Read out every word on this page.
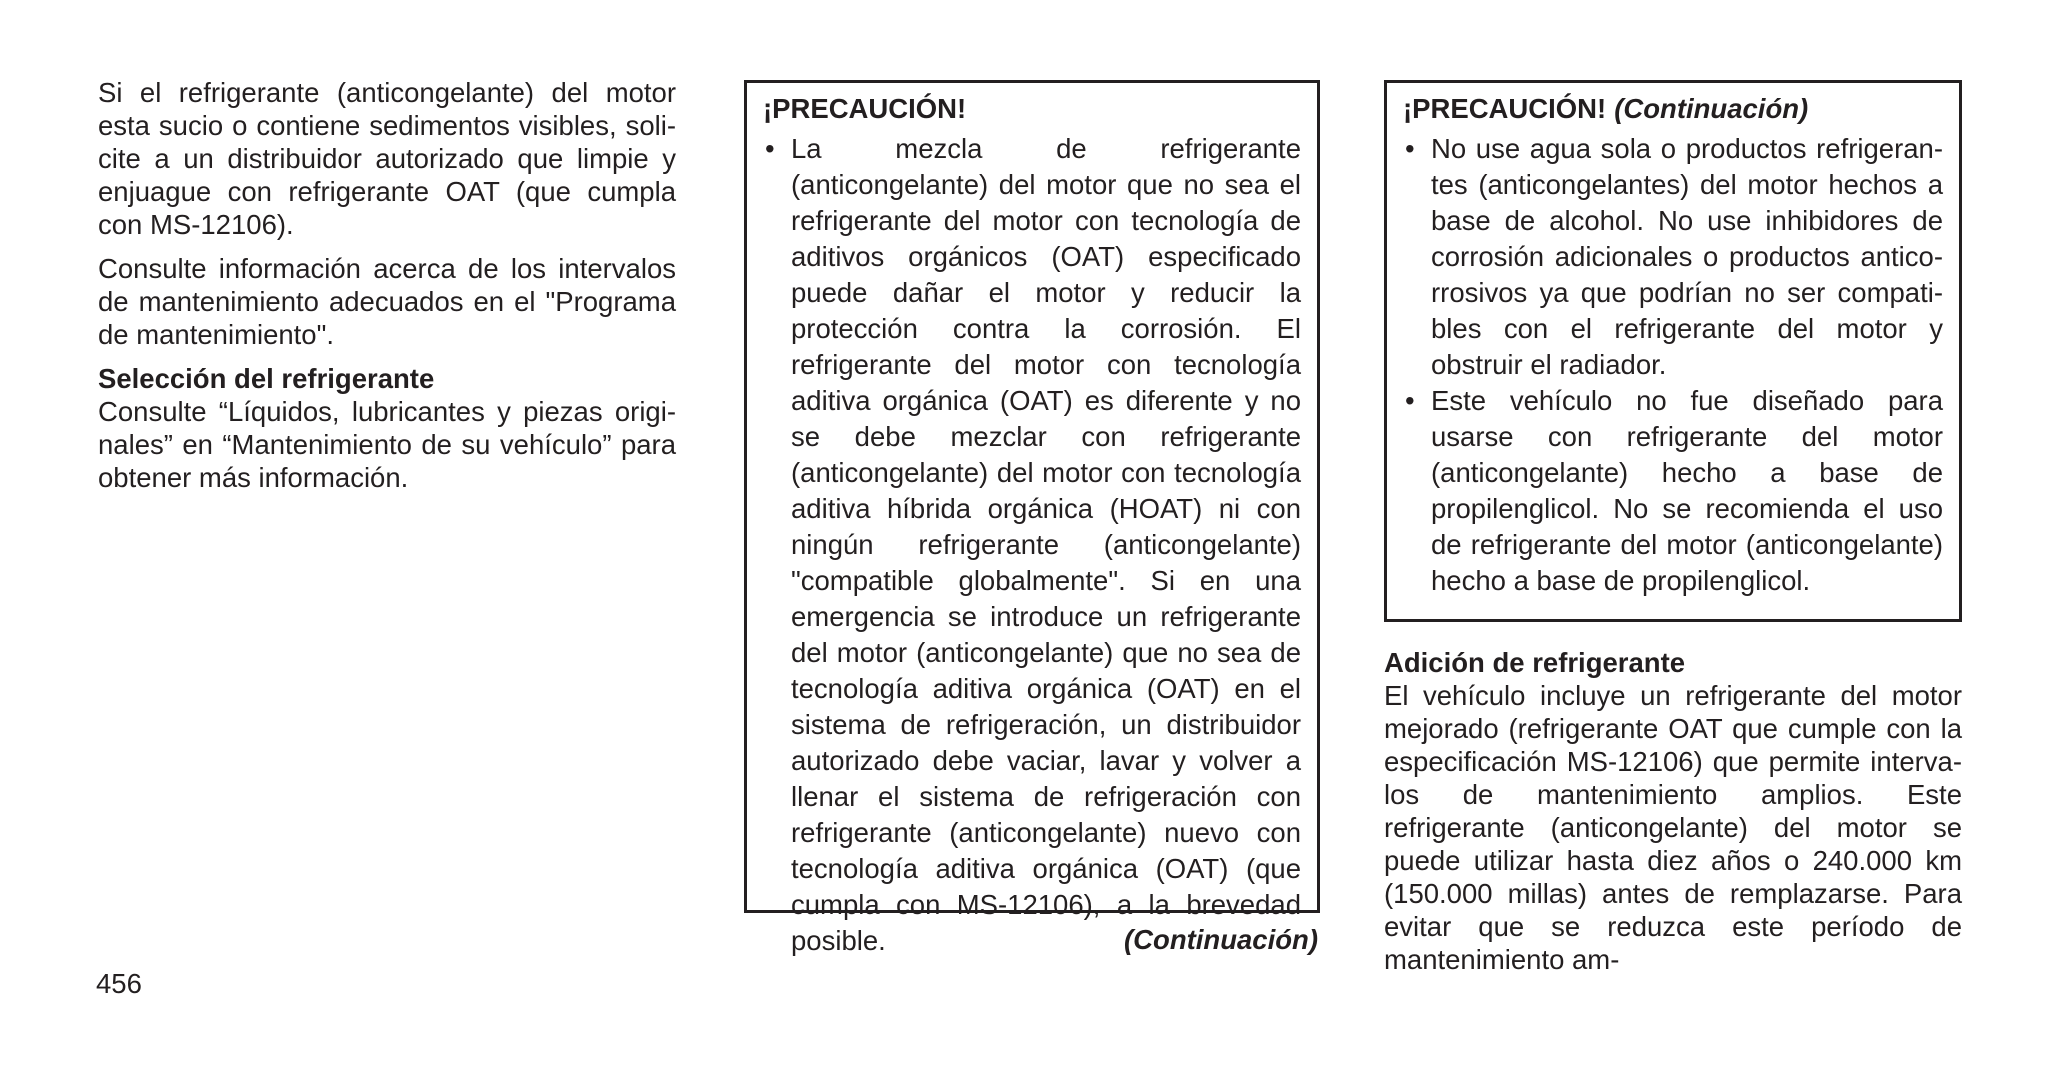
Si el refrigerante (anticongelante) del motor esta sucio o contiene sedimentos visibles, solicite a un distribuidor autorizado que limpie y enjuague con refrigerante OAT (que cumpla con MS-12106).

Consulte información acerca de los intervalos de mantenimiento adecuados en el "Programa de mantenimiento".

Selección del refrigerante

Consulte “Líquidos, lubricantes y piezas originales” en “Mantenimiento de su vehículo” para obtener más información.

¡PRECAUCIÓN!
• La mezcla de refrigerante (anticongelante) del motor que no sea el refrigerante del motor con tecnología de aditivos orgánicos (OAT) especificado puede dañar el motor y reducir la protección contra la corrosión. El refrigerante del motor con tecnología aditiva orgánica (OAT) es diferente y no se debe mezclar con refrigerante (anticongelante) del motor con tecnología aditiva híbrida orgánica (HOAT) ni con ningún refrigerante (anticongelante) "compatible globalmente". Si en una emergencia se introduce un refrigerante del motor (anticongelante) que no sea de tecnología aditiva orgánica (OAT) en el sistema de refrigeración, un distribuidor autorizado debe vaciar, lavar y volver a llenar el sistema de refrigeración con refrigerante (anticongelante) nuevo con tecnología aditiva orgánica (OAT) (que cumpla con MS-12106), a la brevedad posible.	(Continuación)
¡PRECAUCIÓN! (Continuación)
• No use agua sola o productos refrigerantes (anticongelantes) del motor hechos a base de alcohol. No use inhibidores de corrosión adicionales o productos anticorrosivos ya que podrían no ser compatibles con el refrigerante del motor y obstruir el radiador.
• Este vehículo no fue diseñado para usarse con refrigerante del motor (anticongelante) hecho a base de propilenglicol. No se recomienda el uso de refrigerante del motor (anticongelante) hecho a base de propilenglicol.

Adición de refrigerante

El vehículo incluye un refrigerante del motor mejorado (refrigerante OAT que cumple con la especificación MS-12106) que permite intervalos de mantenimiento amplios. Este refrigerante (anticongelante) del motor se puede utilizar hasta diez años o 240.000 km (150.000 millas) antes de remplazarse. Para evitar que se reduzca este período de mantenimiento am-

456
